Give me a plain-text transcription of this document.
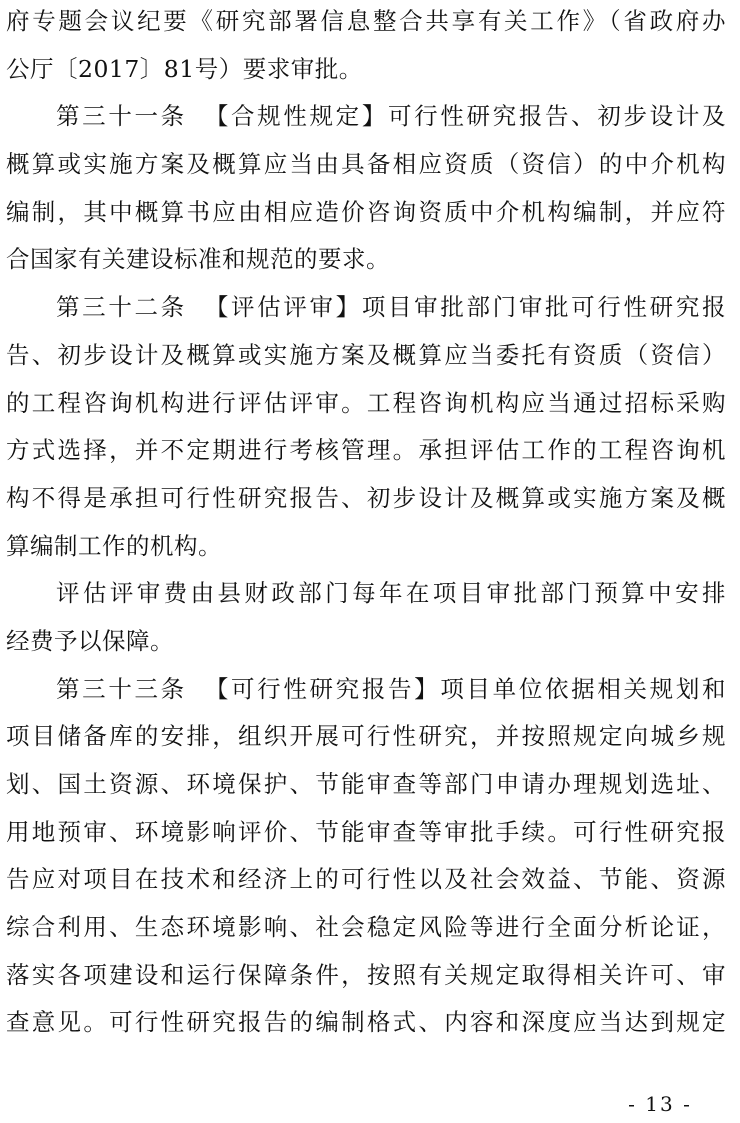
府专题会议纪要《研究部署信息整合共享有关工作》（省政府办
公厅〔2017〕81号）要求审批。
第三十一条 【合规性规定】可行性研究报告、初步设计及
概算或实施方案及概算应当由具备相应资质（资信）的中介机构
编制，其中概算书应由相应造价咨询资质中介机构编制，并应符
合国家有关建设标准和规范的要求。
第三十二条 【评估评审】项目审批部门审批可行性研究报
告、初步设计及概算或实施方案及概算应当委托有资质（资信）
的工程咨询机构进行评估评审。工程咨询机构应当通过招标采购
方式选择，并不定期进行考核管理。承担评估工作的工程咨询机
构不得是承担可行性研究报告、初步设计及概算或实施方案及概
算编制工作的机构。
评估评审费由县财政部门每年在项目审批部门预算中安排
经费予以保障。
第三十三条 【可行性研究报告】项目单位依据相关规划和
项目储备库的安排，组织开展可行性研究，并按照规定向城乡规
划、国土资源、环境保护、节能审查等部门申请办理规划选址、
用地预审、环境影响评价、节能审查等审批手续。可行性研究报
告应对项目在技术和经济上的可行性以及社会效益、节能、资源
综合利用、生态环境影响、社会稳定风险等进行全面分析论证，
落实各项建设和运行保障条件，按照有关规定取得相关许可、审
查意见。可行性研究报告的编制格式、内容和深度应当达到规定
- 13 -
